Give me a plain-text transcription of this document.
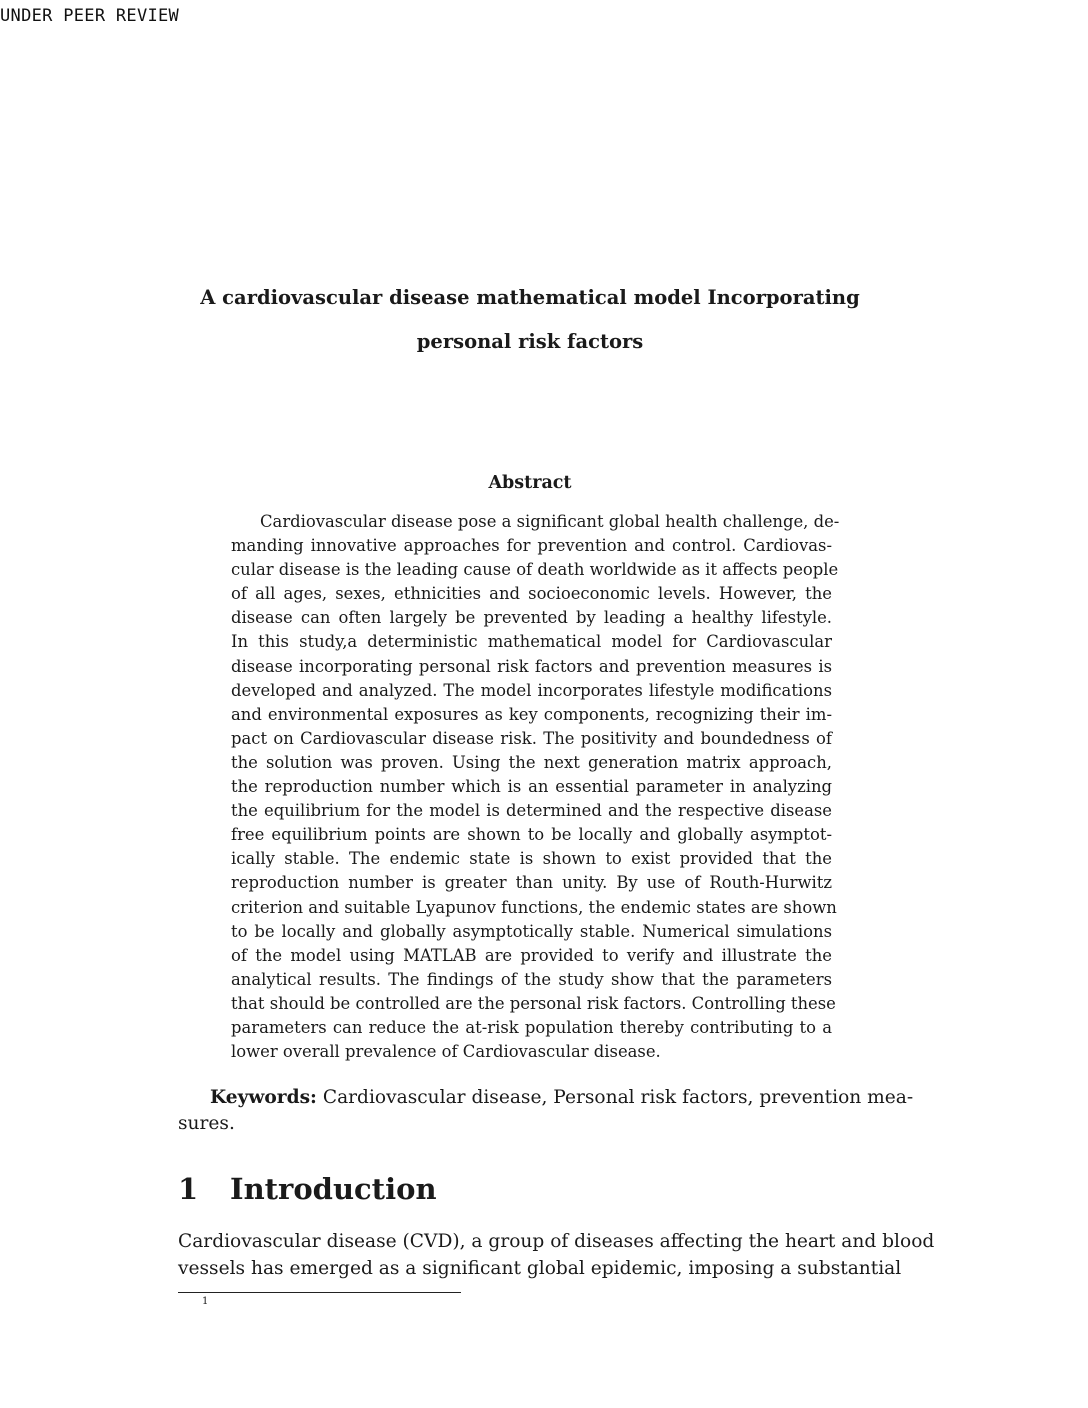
UNDER PEER REVIEW
A cardiovascular disease mathematical model Incorporating
personal risk factors
Abstract
Cardiovascular disease pose a significant global health challenge, de-
manding innovative approaches for prevention and control. Cardiovas-
cular disease is the leading cause of death worldwide as it affects people
of all ages, sexes, ethnicities and socioeconomic levels. However, the
disease can often largely be prevented by leading a healthy lifestyle.
In this study,a deterministic mathematical model for Cardiovascular
disease incorporating personal risk factors and prevention measures is
developed and analyzed. The model incorporates lifestyle modifications
and environmental exposures as key components, recognizing their im-
pact on Cardiovascular disease risk. The positivity and boundedness of
the solution was proven. Using the next generation matrix approach,
the reproduction number which is an essential parameter in analyzing
the equilibrium for the model is determined and the respective disease
free equilibrium points are shown to be locally and globally asymptot-
ically stable. The endemic state is shown to exist provided that the
reproduction number is greater than unity. By use of Routh-Hurwitz
criterion and suitable Lyapunov functions, the endemic states are shown
to be locally and globally asymptotically stable. Numerical simulations
of the model using MATLAB are provided to verify and illustrate the
analytical results. The findings of the study show that the parameters
that should be controlled are the personal risk factors. Controlling these
parameters can reduce the at-risk population thereby contributing to a
lower overall prevalence of Cardiovascular disease.
Keywords: Cardiovascular disease, Personal risk factors, prevention mea-
sures.
1 Introduction
Cardiovascular disease (CVD), a group of diseases affecting the heart and blood
vessels has emerged as a significant global epidemic, imposing a substantial
1
